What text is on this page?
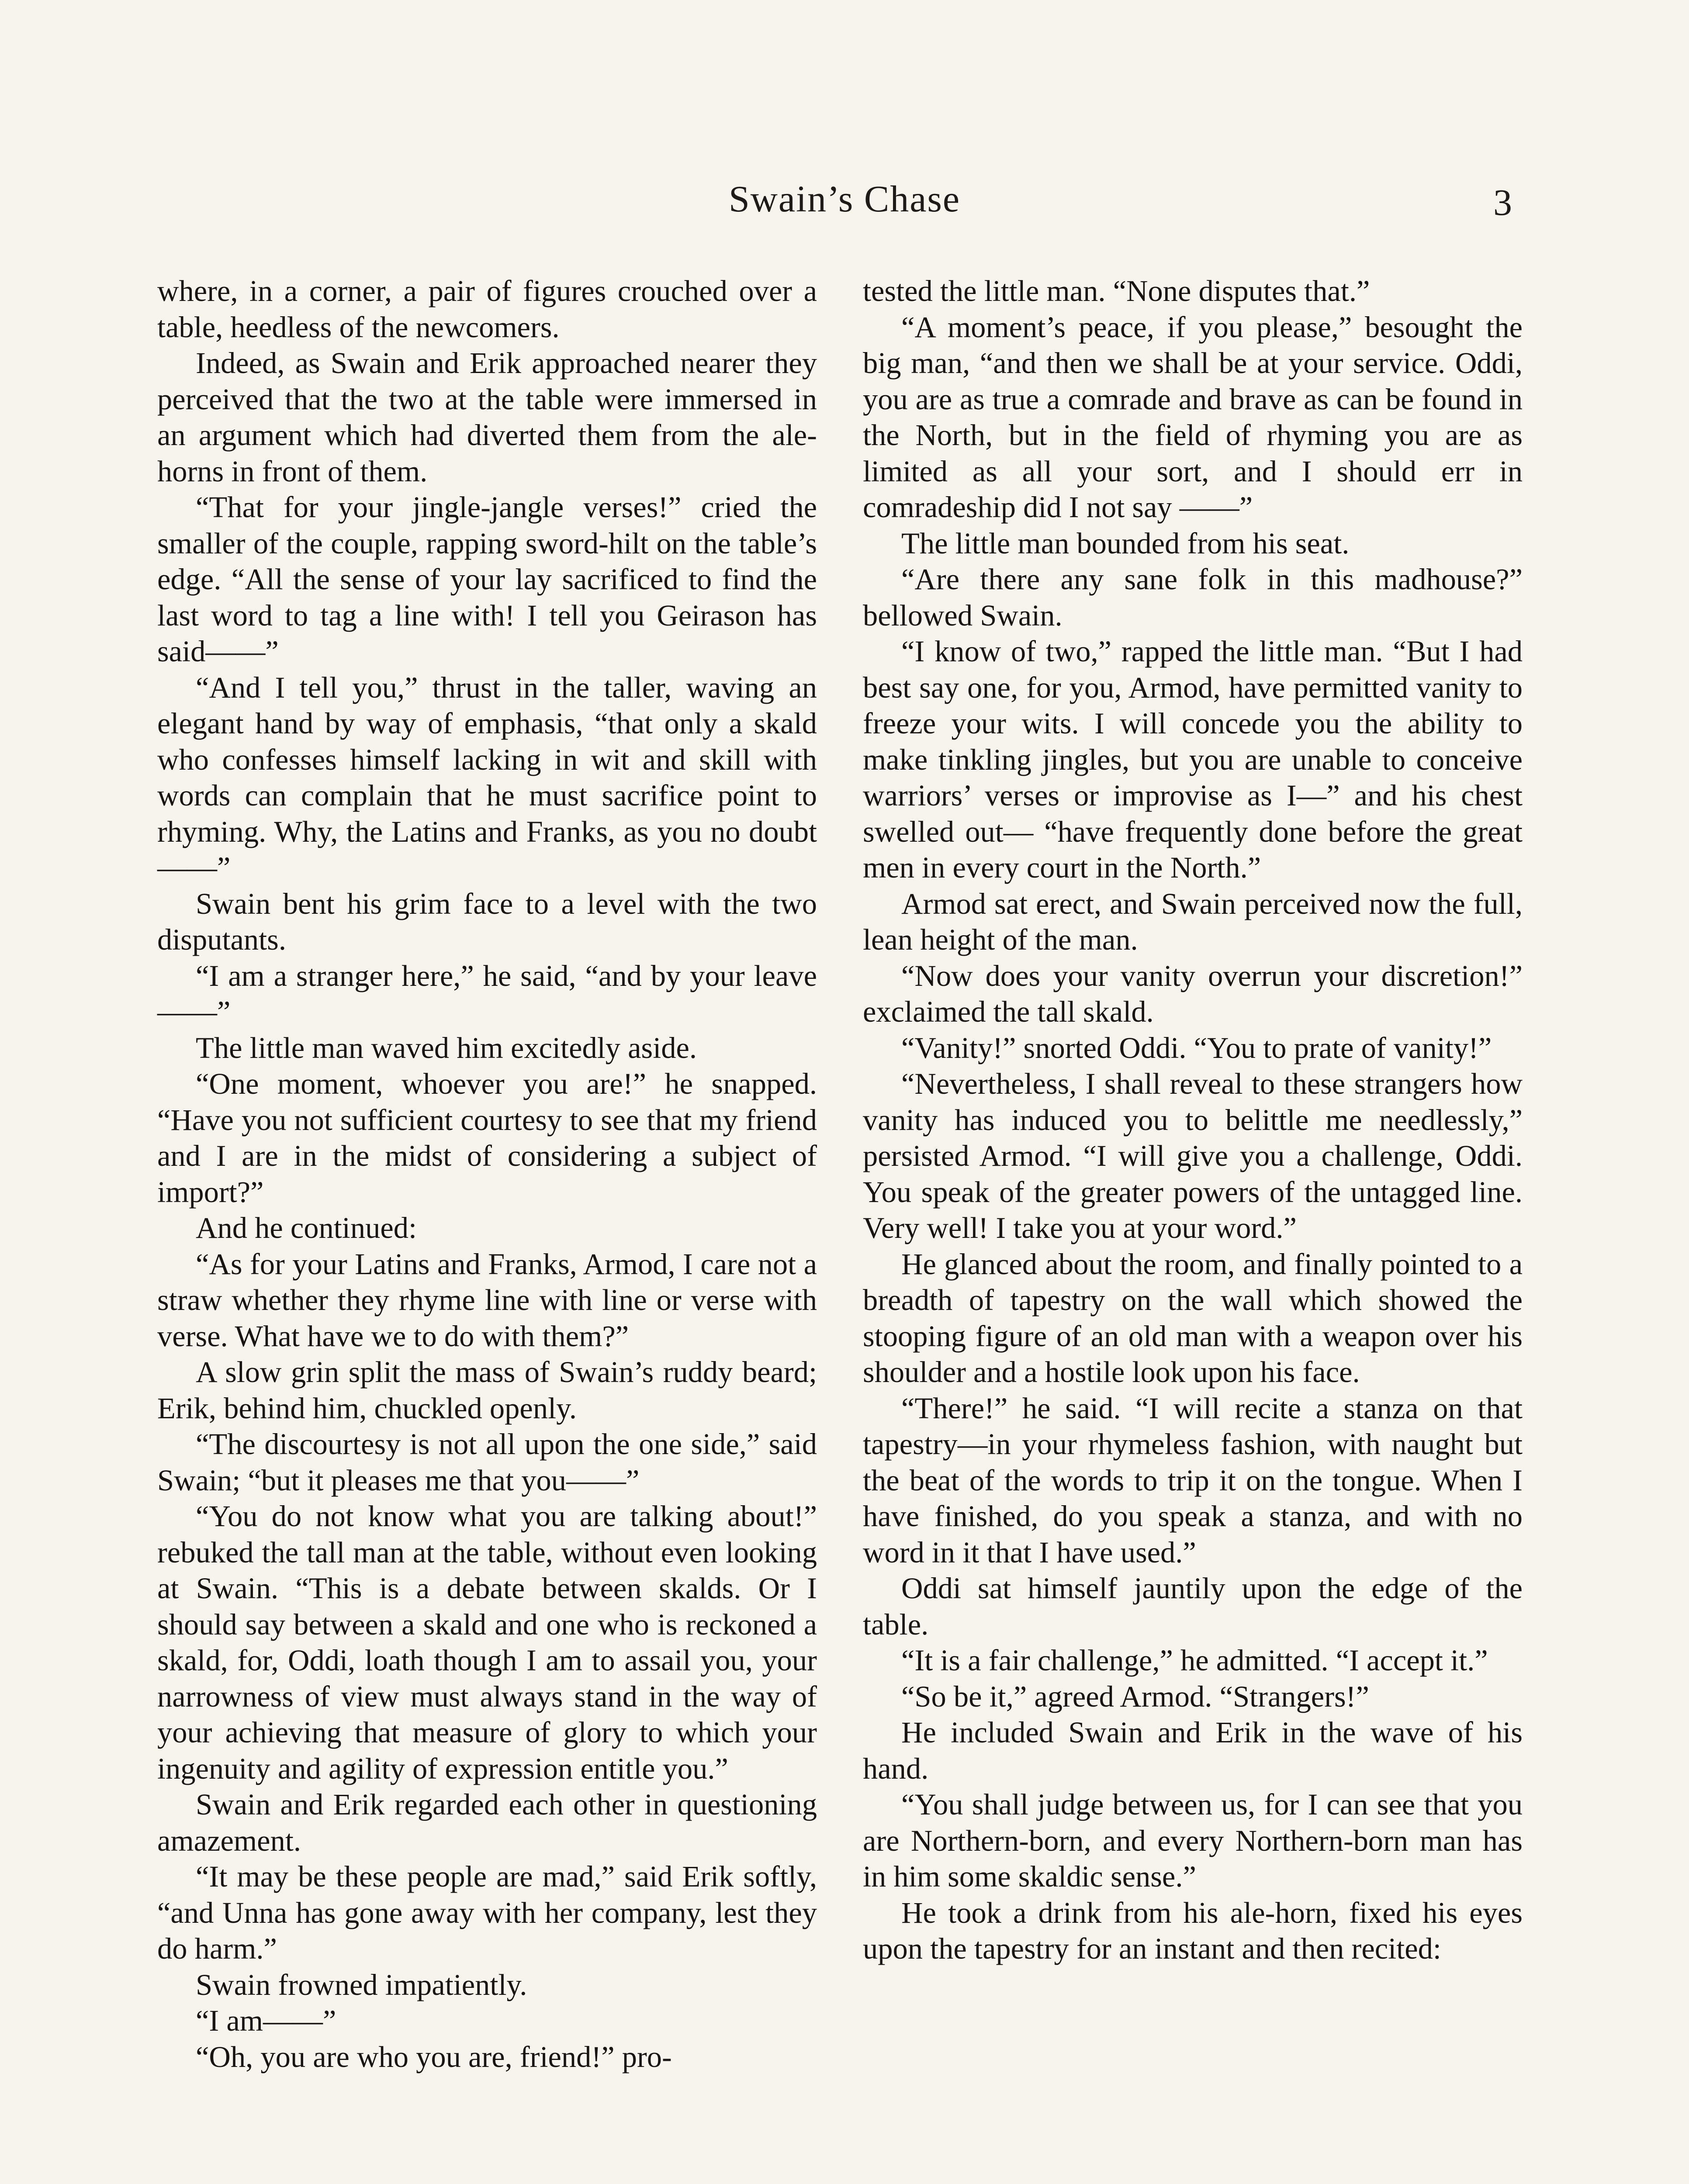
Swain’s Chase	3

where, in a corner, a pair of figures crouched over a table, heedless of the newcomers.

Indeed, as Swain and Erik approached nearer they perceived that the two at the table were immersed in an argument which had diverted them from the ale-horns in front of them.

“That for your jingle-jangle verses!” cried the smaller of the couple, rapping sword-hilt on the table’s edge. “All the sense of your lay sacrificed to find the last word to tag a line with! I tell you Geirason has said——”

“And I tell you,” thrust in the taller, waving an elegant hand by way of emphasis, “that only a skald who confesses himself lacking in wit and skill with words can complain that he must sacrifice point to rhyming. Why, the Latins and Franks, as you no doubt——”

Swain bent his grim face to a level with the two disputants.

“I am a stranger here,” he said, “and by your leave——”

The little man waved him excitedly aside.

“One moment, whoever you are!” he snapped. “Have you not sufficient courtesy to see that my friend and I are in the midst of considering a subject of import?”

And he continued:

“As for your Latins and Franks, Armod, I care not a straw whether they rhyme line with line or verse with verse. What have we to do with them?”

A slow grin split the mass of Swain’s ruddy beard; Erik, behind him, chuckled openly.

“The discourtesy is not all upon the one side,” said Swain; “but it pleases me that you——”

“You do not know what you are talking about!” rebuked the tall man at the table, without even looking at Swain. “This is a debate between skalds. Or I should say between a skald and one who is reckoned a skald, for, Oddi, loath though I am to assail you, your narrowness of view must always stand in the way of your achieving that measure of glory to which your ingenuity and agility of expression entitle you.”

Swain and Erik regarded each other in questioning amazement.

“It may be these people are mad,” said Erik softly, “and Unna has gone away with her company, lest they do harm.”

Swain frowned impatiently.

“I am——”

“Oh, you are who you are, friend!” pro-

tested the little man. “None disputes that.”

“A moment’s peace, if you please,” besought the big man, “and then we shall be at your service. Oddi, you are as true a comrade and brave as can be found in the North, but in the field of rhyming you are as limited as all your sort, and I should err in comradeship did I not say ——”

The little man bounded from his seat.

“Are there any sane folk in this madhouse?” bellowed Swain.

“I know of two,” rapped the little man. “But I had best say one, for you, Armod, have permitted vanity to freeze your wits. I will concede you the ability to make tinkling jingles, but you are unable to conceive warriors’ verses or improvise as I—” and his chest swelled out— “have frequently done before the great men in every court in the North.”

Armod sat erect, and Swain perceived now the full, lean height of the man.

“Now does your vanity overrun your discretion!” exclaimed the tall skald.

“Vanity!” snorted Oddi. “You to prate of vanity!”

“Nevertheless, I shall reveal to these strangers how vanity has induced you to belittle me needlessly,” persisted Armod. “I will give you a challenge, Oddi. You speak of the greater powers of the untagged line. Very well! I take you at your word.”

He glanced about the room, and finally pointed to a breadth of tapestry on the wall which showed the stooping figure of an old man with a weapon over his shoulder and a hostile look upon his face.

“There!” he said. “I will recite a stanza on that tapestry—in your rhymeless fashion, with naught but the beat of the words to trip it on the tongue. When I have finished, do you speak a stanza, and with no word in it that I have used.”

Oddi sat himself jauntily upon the edge of the table.

“It is a fair challenge,” he admitted. “I accept it.”

“So be it,” agreed Armod. “Strangers!”

He included Swain and Erik in the wave of his hand.

“You shall judge between us, for I can see that you are Northern-born, and every Northern-born man has in him some skaldic sense.”

He took a drink from his ale-horn, fixed his eyes upon the tapestry for an instant and then recited:
